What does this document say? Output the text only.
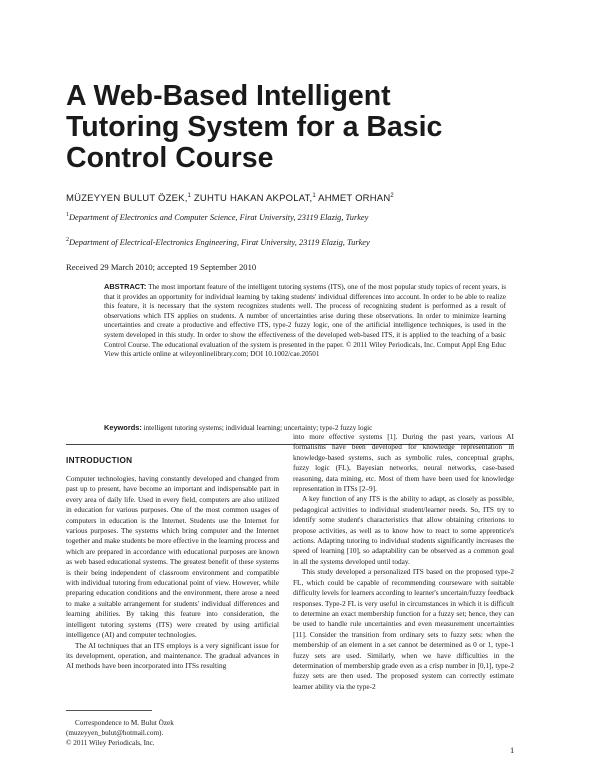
A Web-Based Intelligent
Tutoring System for a Basic
Control Course
MÜZEYYEN BULUT ÖZEK,$^1$ ZUHTU HAKAN AKPOLAT,$^1$ AHMET ORHAN$^2$
$^1$Department of Electronics and Computer Science, Firat University, 23119 Elazig, Turkey
$^2$Department of Electrical-Electronics Engineering, Firat University, 23119 Elazig, Turkey
Received 29 March 2010; accepted 19 September 2010
ABSTRACT: The most important feature of the intelligent tutoring systems (ITS), one of the most popular study topics of recent years, is that it provides an opportunity for individual learning by taking students' individual differences into account. In order to be able to realize this feature, it is necessary that the system recognizes students well. The process of recognizing student is performed as a result of observations which ITS applies on students. A number of uncertainties arise during these observations. In order to minimize learning uncertainties and create a productive and effective ITS, type-2 fuzzy logic, one of the artificial intelligence techniques, is used in the system developed in this study. In order to show the effectiveness of the developed web-based ITS, it is applied to the teaching of a basic Control Course. The educational evaluation of the system is presented in the paper. © 2011 Wiley Periodicals, Inc. Comput Appl Eng Educ View this article online at wileyonlinelibrary.com; DOI 10.1002/cae.20501
Keywords: intelligent tutoring systems; individual learning; uncertainty; type-2 fuzzy logic
INTRODUCTION

Computer technologies, having constantly developed and changed from past up to present, have become an important and indispensable part in every area of daily life. Used in every field, computers are also utilized in education for various purposes. One of the most common usages of computers in education is the Internet. Students use the Internet for various purposes. The systems which bring computer and the Internet together and make students be more effective in the learning process and which are prepared in accordance with educational purposes are known as web based educational systems. The greatest benefit of these systems is their being independent of classroom environment and compatible with individual tutoring from educational point of view. However, while preparing education conditions and the environment, there arose a need to make a suitable arrangement for students' individual differences and learning abilities. By taking this feature into consideration, the intelligent tutoring systems (ITS) were created by using artificial intelligence (AI) and computer technologies.

The AI techniques that an ITS employs is a very significant issue for its development, operation, and maintenance. The gradual advances in AI methods have been incorporated into ITSs resulting

into more effective systems [1]. During the past years, various AI formalisms have been developed for knowledge representation in knowledge-based systems, such as symbolic rules, conceptual graphs, fuzzy logic (FL), Bayesian networks, neural networks, case-based reasoning, data mining, etc. Most of them have been used for knowledge representation in ITSs [2–9].

A key function of any ITS is the ability to adapt, as closely as possible, pedagogical activities to individual student/learner needs. So, ITS try to identify some student's characteristics that allow obtaining criterions to propose activities, as well as to know how to react to some apprentice's actions. Adapting tutoring to individual students significantly increases the speed of learning [10], so adaptability can be observed as a common goal in all the systems developed until today.

This study developed a personalized ITS based on the proposed type-2 FL, which could be capable of recommending courseware with suitable difficulty levels for learners according to learner's uncertain/fuzzy feedback responses. Type-2 FL is very useful in circumstances in which it is difficult to determine an exact membership function for a fuzzy set; hence, they can be used to handle rule uncertainties and even measurement uncertainties [11]. Consider the transition from ordinary sets to fuzzy sets: when the membership of an element in a set cannot be determined as 0 or 1, type-1 fuzzy sets are used. Similarly, when we have difficulties in the determination of membership grade even as a crisp number in [0,1], type-2 fuzzy sets are then used. The proposed system can correctly estimate learner ability via the type-2

Correspondence to M. Bulut Özek
(muzeyyen_bulut@hotmail.com).
© 2011 Wiley Periodicals, Inc.
1
